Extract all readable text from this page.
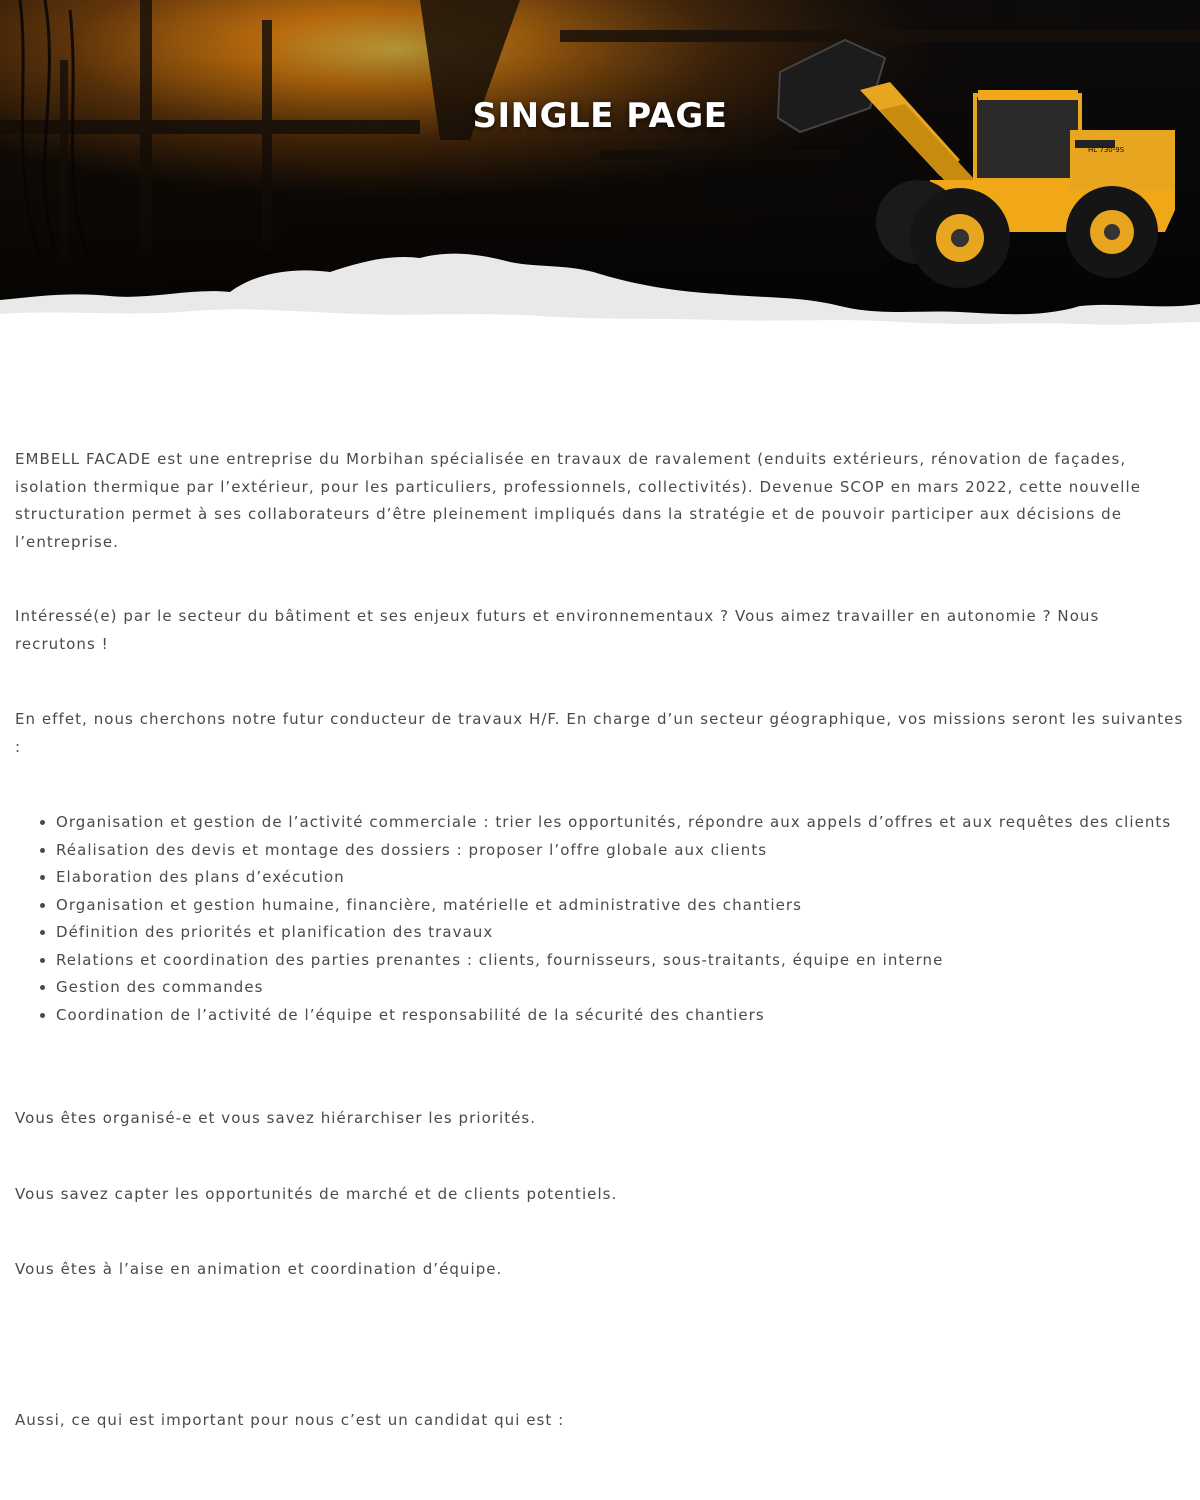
HL 730-9S
SINGLE PAGE

EMBELL FACADE est une entreprise du Morbihan spécialisée en travaux de ravalement (enduits extérieurs, rénovation de façades, isolation thermique par l’extérieur, pour les particuliers, professionnels, collectivités). Devenue SCOP en mars 2022, cette nouvelle structuration permet à ses collaborateurs d’être pleinement impliqués dans la stratégie et de pouvoir participer aux décisions de l’entreprise.

Intéressé(e) par le secteur du bâtiment et ses enjeux futurs et environnementaux ? Vous aimez travailler en autonomie ? Nous recrutons !

En effet, nous cherchons notre futur conducteur de travaux H/F. En charge d’un secteur géographique, vos missions seront les suivantes :

• Organisation et gestion de l’activité commerciale : trier les opportunités, répondre aux appels d’offres et aux requêtes des clients
• Réalisation des devis et montage des dossiers : proposer l’offre globale aux clients
• Elaboration des plans d’exécution
• Organisation et gestion humaine, financière, matérielle et administrative des chantiers
• Définition des priorités et planification des travaux
• Relations et coordination des parties prenantes : clients, fournisseurs, sous-traitants, équipe en interne
• Gestion des commandes
• Coordination de l’activité de l’équipe et responsabilité de la sécurité des chantiers

Vous êtes organisé-e et vous savez hiérarchiser les priorités.

Vous savez capter les opportunités de marché et de clients potentiels.

Vous êtes à l’aise en animation et coordination d’équipe.

Aussi, ce qui est important pour nous c’est un candidat qui est :
